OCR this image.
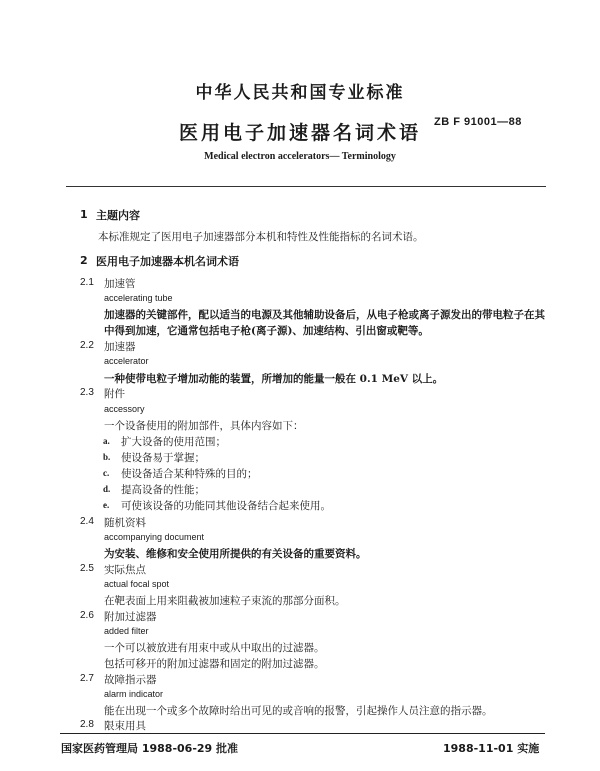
中华人民共和国专业标准
医用电子加速器名词术语	ZB F 91001—88
Medical electron accelerators— Terminology
1 主题内容
本标准规定了医用电子加速器部分本机和特性及性能指标的名词术语。
2 医用电子加速器本机名词术语
2.1 加速管
accelerating tube
加速器的关键部件，配以适当的电源及其他辅助设备后，从电子枪或离子源发出的带电粒子在其
中得到加速，它通常包括电子枪(离子源)、加速结构、引出窗或靶等。
2.2 加速器
accelerator
一种使带电粒子增加动能的装置，所增加的能量一般在 0.1 MeV 以上。
2.3 附件
accessory
一个设备使用的附加部件，具体内容如下：
a. 扩大设备的使用范围；
b. 使设备易于掌握；
c. 使设备适合某种特殊的目的；
d. 提高设备的性能；
e. 可使该设备的功能同其他设备结合起来使用。
2.4 随机资料
accompanying document
为安装、维修和安全使用所提供的有关设备的重要资料。
2.5 实际焦点
actual focal spot
在靶表面上用来阻截被加速粒子束流的那部分面积。
2.6 附加过滤器
added filter
一个可以被放进有用束中或从中取出的过滤器。
包括可移开的附加过滤器和固定的附加过滤器。
2.7 故障指示器
alarm indicator
能在出现一个或多个故障时给出可见的或音响的报警，引起操作人员注意的指示器。
2.8 限束用具
国家医药管理局 1988-06-29 批准	1988-11-01 实施
